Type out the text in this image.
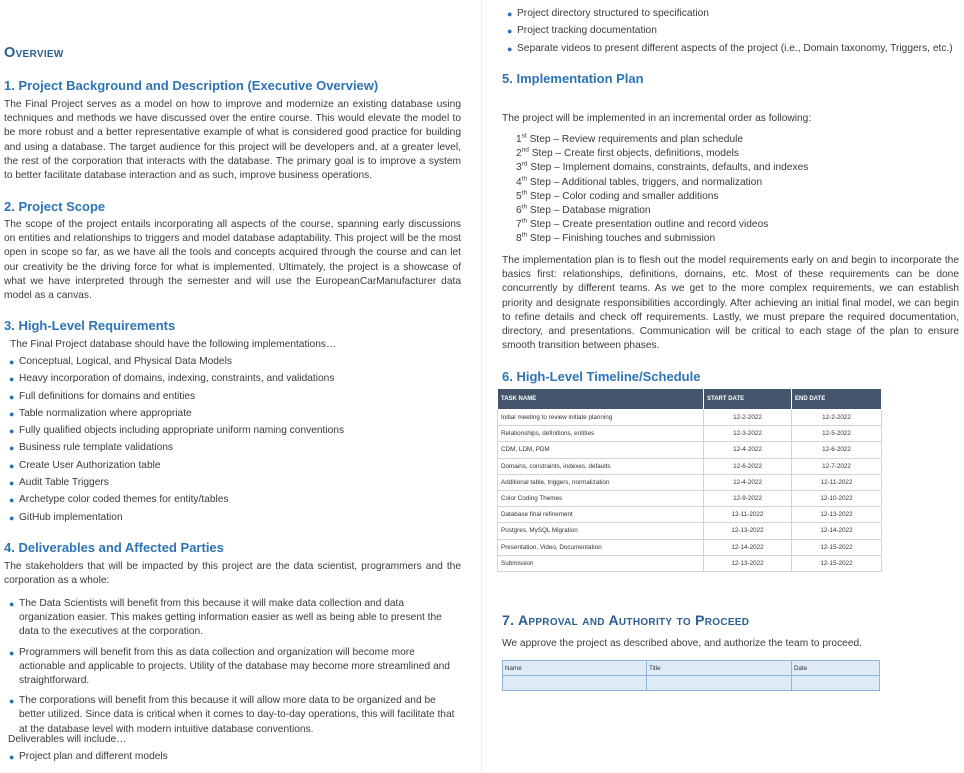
Overview
1. Project Background and Description (Executive Overview)

The Final Project serves as a model on how to improve and modernize an existing database using techniques and methods we have discussed over the entire course. This would elevate the model to be more robust and a better representative example of what is considered good practice for building and using a database. The target audience for this project will be developers and, at a greater level, the rest of the corporation that interacts with the database. The primary goal is to improve a system to better facilitate database interaction and as such, improve business operations.

2. Project Scope

The scope of the project entails incorporating all aspects of the course, spanning early discussions on entities and relationships to triggers and model database adaptability. This project will be the most open in scope so far, as we have all the tools and concepts acquired through the course and can let our creativity be the driving force for what is implemented. Ultimately, the project is a showcase of what we have interpreted through the semester and will use the EuropeanCarManufacturer data model as a canvas.

3. High-Level Requirements

The Final Project database should have the following implementations…

● Conceptual, Logical, and Physical Data Models
● Heavy incorporation of domains, indexing, constraints, and validations
● Full definitions for domains and entities
● Table normalization where appropriate
● Fully qualified objects including appropriate uniform naming conventions
● Business rule template validations
● Create User Authorization table
● Audit Table Triggers
● Archetype color coded themes for entity/tables
● GitHub implementation
4. Deliverables and Affected Parties

The stakeholders that will be impacted by this project are the data scientist, programmers and the corporation as a whole:

● The Data Scientists will benefit from this because it will make data collection and data organization easier. This makes getting information easier as well as being able to present the data to the executives at the corporation.
● Programmers will benefit from this as data collection and organization will become more actionable and applicable to projects. Utility of the database may become more streamlined and straightforward.
● The corporations will benefit from this because it will allow more data to be organized and be better utilized. Since data is critical when it comes to day-to-day operations, this will facilitate that at the database level with modern intuitive database conventions.

Deliverables will include…

● Project plan and different models
● Project directory structured to specification
● Project tracking documentation
● Separate videos to present different aspects of the project (i.e., Domain taxonomy, Triggers, etc.)
5. Implementation Plan

The project will be implemented in an incremental order as following:

1st Step – Review requirements and plan schedule
2nd Step – Create first objects, definitions, models
3rd Step – Implement domains, constraints, defaults, and indexes
4th Step – Additional tables, triggers, and normalization
5th Step – Color coding and smaller additions
6th Step – Database migration
7th Step – Create presentation outline and record videos
8th Step – Finishing touches and submission

The implementation plan is to flesh out the model requirements early on and begin to incorporate the basics first: relationships, definitions, domains, etc. Most of these requirements can be done concurrently by different teams. As we get to the more complex requirements, we can establish priority and designate responsibilities accordingly. After achieving an initial final model, we can begin to refine details and check off requirements. Lastly, we must prepare the required documentation, directory, and presentations. Communication will be critical to each stage of the plan to ensure smooth transition between phases.

6. High-Level Timeline/Schedule
7. Approval and Authority to Proceed

We approve the project as described above, and authorize the team to proceed.

TASK NAME	START DATE	END DATE
Initial meeting to review initiate planning	12-2-2022	12-2-2022
Relationships, definitions, entities	12-3-2022	12-5-2022
CDM, LDM, PDM	12-4-2022	12-6-2022
Domains, constraints, indexes, defaults	12-6-2022	12-7-2022
Additional table, triggers, normalization	12-4-2022	12-11-2022
Color Coding Themes	12-9-2022	12-10-2022
Database final refinement	12-11-2022	12-13-2022
Postgres, MySQL Migration	12-13-2022	12-14-2022
Presentation, Video, Documentation	12-14-2022	12-15-2022
Submission	12-13-2022	12-15-2022
Name	Title	Date
